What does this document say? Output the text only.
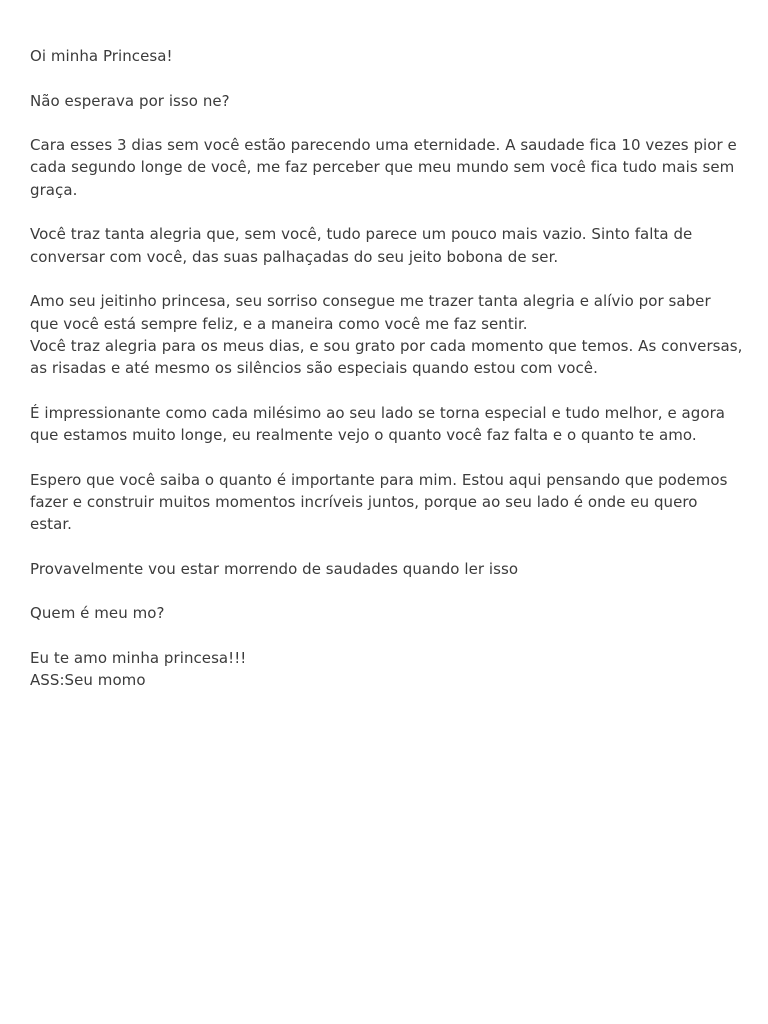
Oi minha Princesa!

Não esperava por isso ne?

Cara esses 3 dias sem você estão parecendo uma eternidade. A saudade fica 10 vezes pior e
cada segundo longe de você, me faz perceber que meu mundo sem você fica tudo mais sem
graça.

Você traz tanta alegria que, sem você, tudo parece um pouco mais vazio. Sinto falta de
conversar com você, das suas palhaçadas do seu jeito bobona de ser.

Amo seu jeitinho princesa, seu sorriso consegue me trazer tanta alegria e alívio por saber
que você está sempre feliz, e a maneira como você me faz sentir.
Você traz alegria para os meus dias, e sou grato por cada momento que temos. As conversas,
as risadas e até mesmo os silêncios são especiais quando estou com você.

É impressionante como cada milésimo ao seu lado se torna especial e tudo melhor, e agora
que estamos muito longe, eu realmente vejo o quanto você faz falta e o quanto te amo.

Espero que você saiba o quanto é importante para mim. Estou aqui pensando que podemos
fazer e construir muitos momentos incríveis juntos, porque ao seu lado é onde eu quero
estar.

Provavelmente vou estar morrendo de saudades quando ler isso

Quem é meu mo?

Eu te amo minha princesa!!!
ASS:Seu momo
